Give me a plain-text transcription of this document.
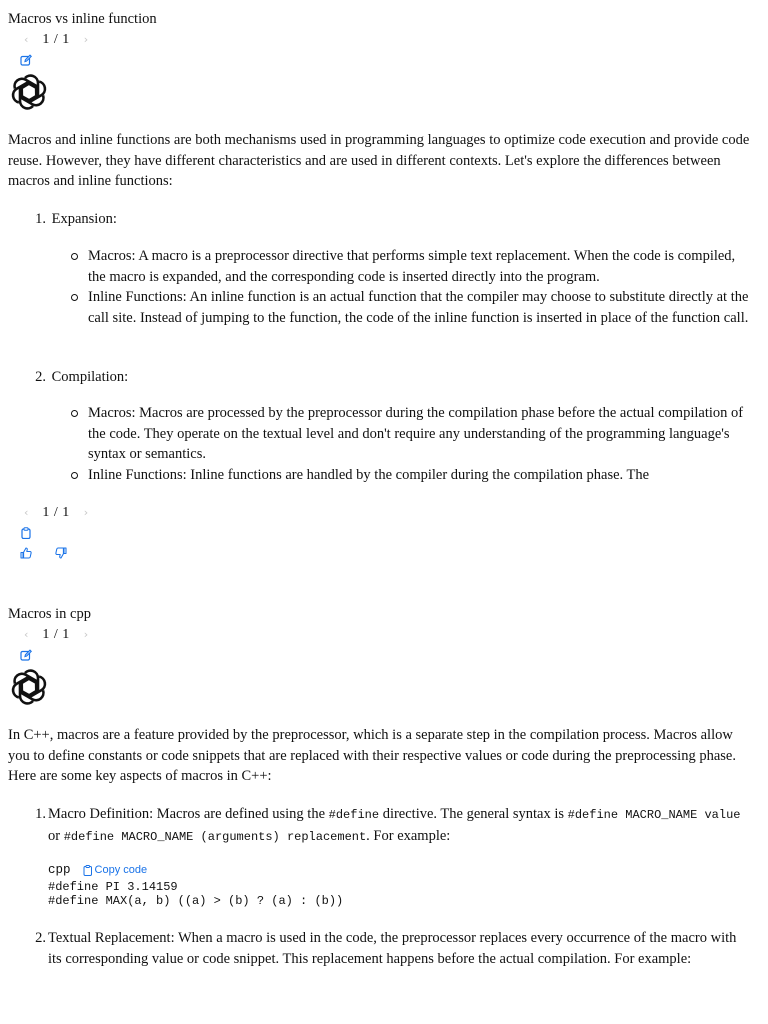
Macros vs inline function
‹ 1 / 1 ›
Macros and inline functions are both mechanisms used in programming languages to optimize code execution and provide code reuse. However, they have different characteristics and are used in different contexts. Let's explore the differences between macros and inline functions:
1. Expansion:
Macros: A macro is a preprocessor directive that performs simple text replacement. When the code is compiled, the macro is expanded, and the corresponding code is inserted directly into the program.
Inline Functions: An inline function is an actual function that the compiler may choose to substitute directly at the call site. Instead of jumping to the function, the code of the inline function is inserted in place of the function call.
2. Compilation:
Macros: Macros are processed by the preprocessor during the compilation phase before the actual compilation of the code. They operate on the textual level and don't require any understanding of the programming language's syntax or semantics.
Inline Functions: Inline functions are handled by the compiler during the compilation phase. The
‹ 1 / 1 ›
Macros in cpp
‹ 1 / 1 ›
In C++, macros are a feature provided by the preprocessor, which is a separate step in the compilation process. Macros allow you to define constants or code snippets that are replaced with their respective values or code during the preprocessing phase. Here are some key aspects of macros in C++:
1. Macro Definition: Macros are defined using the #define directive. The general syntax is #define MACRO_NAME value or #define MACRO_NAME (arguments) replacement. For example:
cpp Copy code
#define PI 3.14159
#define MAX(a, b) ((a) > (b) ? (a) : (b))
2. Textual Replacement: When a macro is used in the code, the preprocessor replaces every occurrence of the macro with its corresponding value or code snippet. This replacement happens before the actual compilation. For example:
